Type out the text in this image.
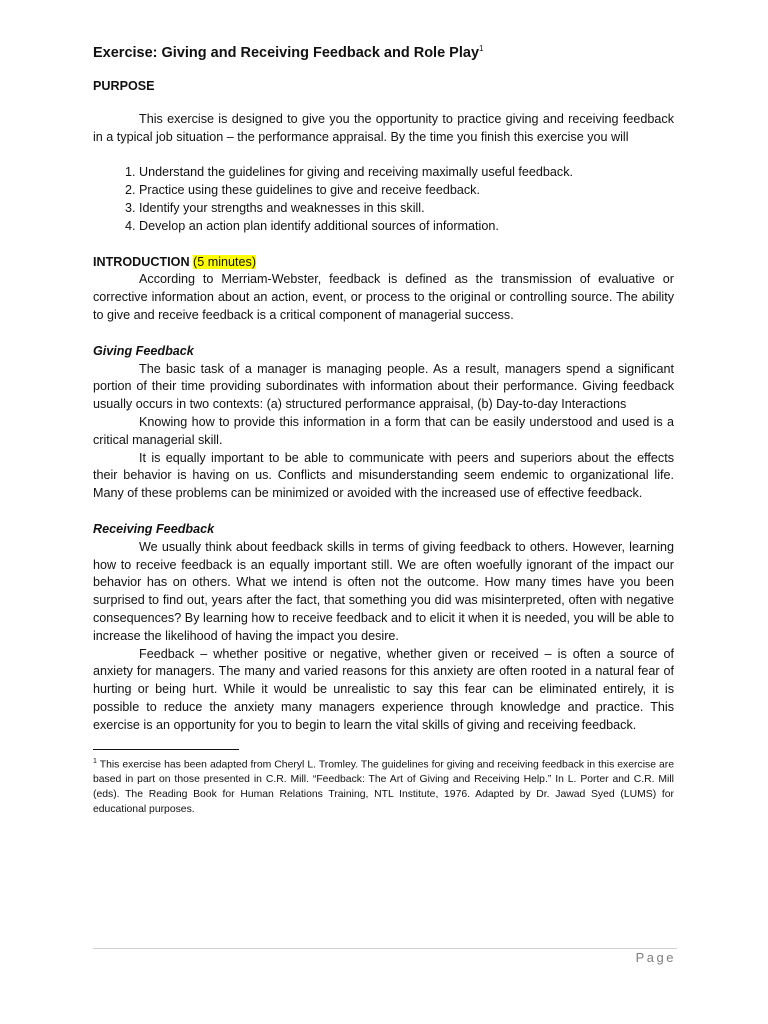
Exercise: Giving and Receiving Feedback and Role Play$^1$
PURPOSE

This exercise is designed to give you the opportunity to practice giving and receiving feedback in a typical job situation – the performance appraisal. By the time you finish this exercise you will

1. Understand the guidelines for giving and receiving maximally useful feedback.
2. Practice using these guidelines to give and receive feedback.
3. Identify your strengths and weaknesses in this skill.
4. Develop an action plan identify additional sources of information.
INTRODUCTION (5 minutes)

According to Merriam-Webster, feedback is defined as the transmission of evaluative or corrective information about an action, event, or process to the original or controlling source. The ability to give and receive feedback is a critical component of managerial success.

Giving Feedback

The basic task of a manager is managing people. As a result, managers spend a significant portion of their time providing subordinates with information about their performance. Giving feedback usually occurs in two contexts: (a) structured performance appraisal, (b) Day-to-day Interactions

Knowing how to provide this information in a form that can be easily understood and used is a critical managerial skill.

It is equally important to be able to communicate with peers and superiors about the effects their behavior is having on us. Conflicts and misunderstanding seem endemic to organizational life. Many of these problems can be minimized or avoided with the increased use of effective feedback.

Receiving Feedback

We usually think about feedback skills in terms of giving feedback to others. However, learning how to receive feedback is an equally important still. We are often woefully ignorant of the impact our behavior has on others. What we intend is often not the outcome. How many times have you been surprised to find out, years after the fact, that something you did was misinterpreted, often with negative consequences? By learning how to receive feedback and to elicit it when it is needed, you will be able to increase the likelihood of having the impact you desire.

Feedback – whether positive or negative, whether given or received – is often a source of anxiety for managers. The many and varied reasons for this anxiety are often rooted in a natural fear of hurting or being hurt. While it would be unrealistic to say this fear can be eliminated entirely, it is possible to reduce the anxiety many managers experience through knowledge and practice. This exercise is an opportunity for you to begin to learn the vital skills of giving and receiving feedback.

$^1$ This exercise has been adapted from Cheryl L. Tromley. The guidelines for giving and receiving feedback in this exercise are based in part on those presented in C.R. Mill. “Feedback: The Art of Giving and Receiving Help.” In L. Porter and C.R. Mill (eds). The Reading Book for Human Relations Training, NTL Institute, 1976. Adapted by Dr. Jawad Syed (LUMS) for educational purposes.
Page
